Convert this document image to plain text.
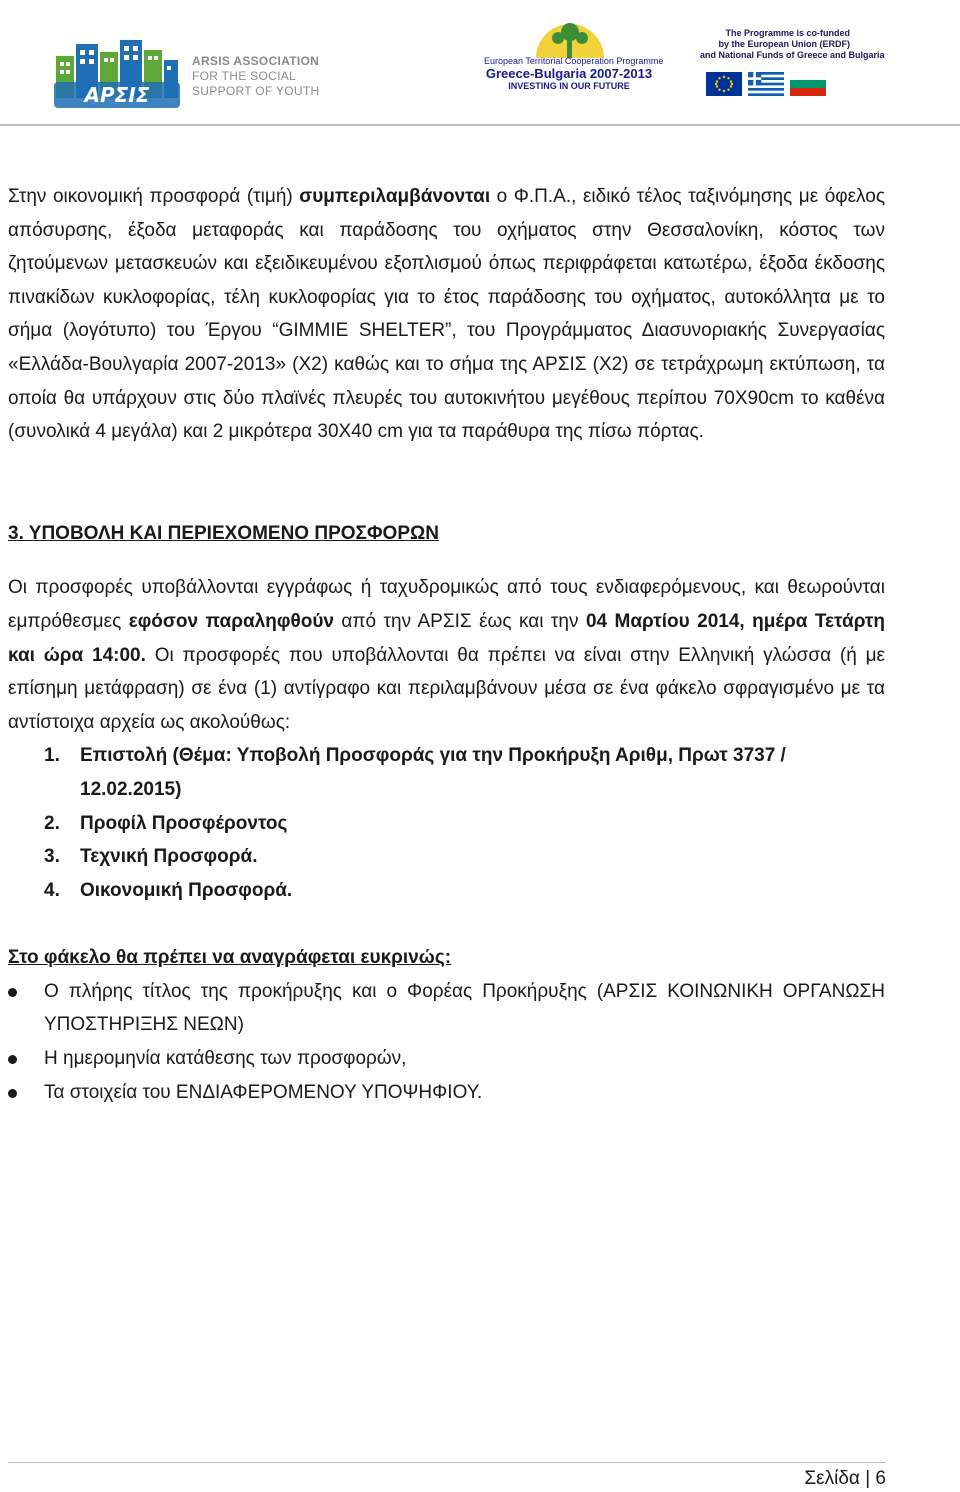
ΑΡΣΙΣ
ARSIS ASSOCIATION
FOR THE SOCIAL
SUPPORT OF YOUTH
European Territorial Cooperation Programme
Greece-Bulgaria 2007-2013
INVESTING IN OUR FUTURE
The Programme is co-funded
by the European Union (ERDF)
and National Funds of Greece and Bulgaria

Στην οικονομική προσφορά (τιμή) συμπεριλαμβάνονται ο Φ.Π.Α., ειδικό τέλος ταξινόμησης με όφελος απόσυρσης, έξοδα μεταφοράς και παράδοσης του οχήματος στην Θεσσαλονίκη, κόστος των ζητούμενων μετασκευών και εξειδικευμένου εξοπλισμού όπως περιφράφεται κατωτέρω, έξοδα έκδοσης πινακίδων κυκλοφορίας, τέλη κυκλοφορίας για το έτος παράδοσης του οχήματος, αυτοκόλλητα με το σήμα (λογότυπο) του Έργου “GIMMIE SHELTER”, του Προγράμματος Διασυνοριακής Συνεργασίας «Ελλάδα-Βουλγαρία 2007-2013» (Χ2) καθώς και το σήμα της ΑΡΣΙΣ (Χ2) σε τετράχρωμη εκτύπωση, τα οποία θα υπάρχουν στις δύο πλαϊνές πλευρές του αυτοκινήτου μεγέθους περίπου 70Χ90cm το καθένα (συνολικά 4 μεγάλα) και 2 μικρότερα 30Χ40 cm για τα παράθυρα της πίσω πόρτας.

3. ΥΠΟΒΟΛΗ ΚΑΙ ΠΕΡΙΕΧΟΜΕΝΟ ΠΡΟΣΦΟΡΩΝ

Οι προσφορές υποβάλλονται εγγράφως ή ταχυδρομικώς από τους ενδιαφερόμενους, και θεωρούνται εμπρόθεσμες εφόσον παραληφθούν από την ΑΡΣΙΣ έως και την 04 Μαρτίου 2014, ημέρα Τετάρτη και ώρα 14:00. Οι προσφορές που υποβάλλονται θα πρέπει να είναι στην Ελληνική γλώσσα (ή με επίσημη μετάφραση) σε ένα (1) αντίγραφο και περιλαμβάνουν μέσα σε ένα φάκελο σφραγισμένο με τα αντίστοιχα αρχεία ως ακολούθως:

1. Επιστολή (Θέμα: Υποβολή Προσφοράς για την Προκήρυξη Αριθμ, Πρωτ 3737 / 12.02.2015)
2. Προφίλ Προσφέροντος
3. Τεχνική Προσφορά.
4. Οικονομική Προσφορά.

Στο φάκελο θα πρέπει να αναγράφεται ευκρινώς:

Ο πλήρης τίτλος της προκήρυξης και ο Φορέας Προκήρυξης (ΑΡΣΙΣ ΚΟΙΝΩΝΙΚΗ ΟΡΓΑΝΩΣΗ ΥΠΟΣΤΗΡΙΞΗΣ ΝΕΩΝ)
Η ημερομηνία κατάθεσης των προσφορών,
Τα στοιχεία του ΕΝΔΙΑΦΕΡΟΜΕΝΟΥ ΥΠΟΨΗΦΙΟΥ.
Σελίδα | 6
